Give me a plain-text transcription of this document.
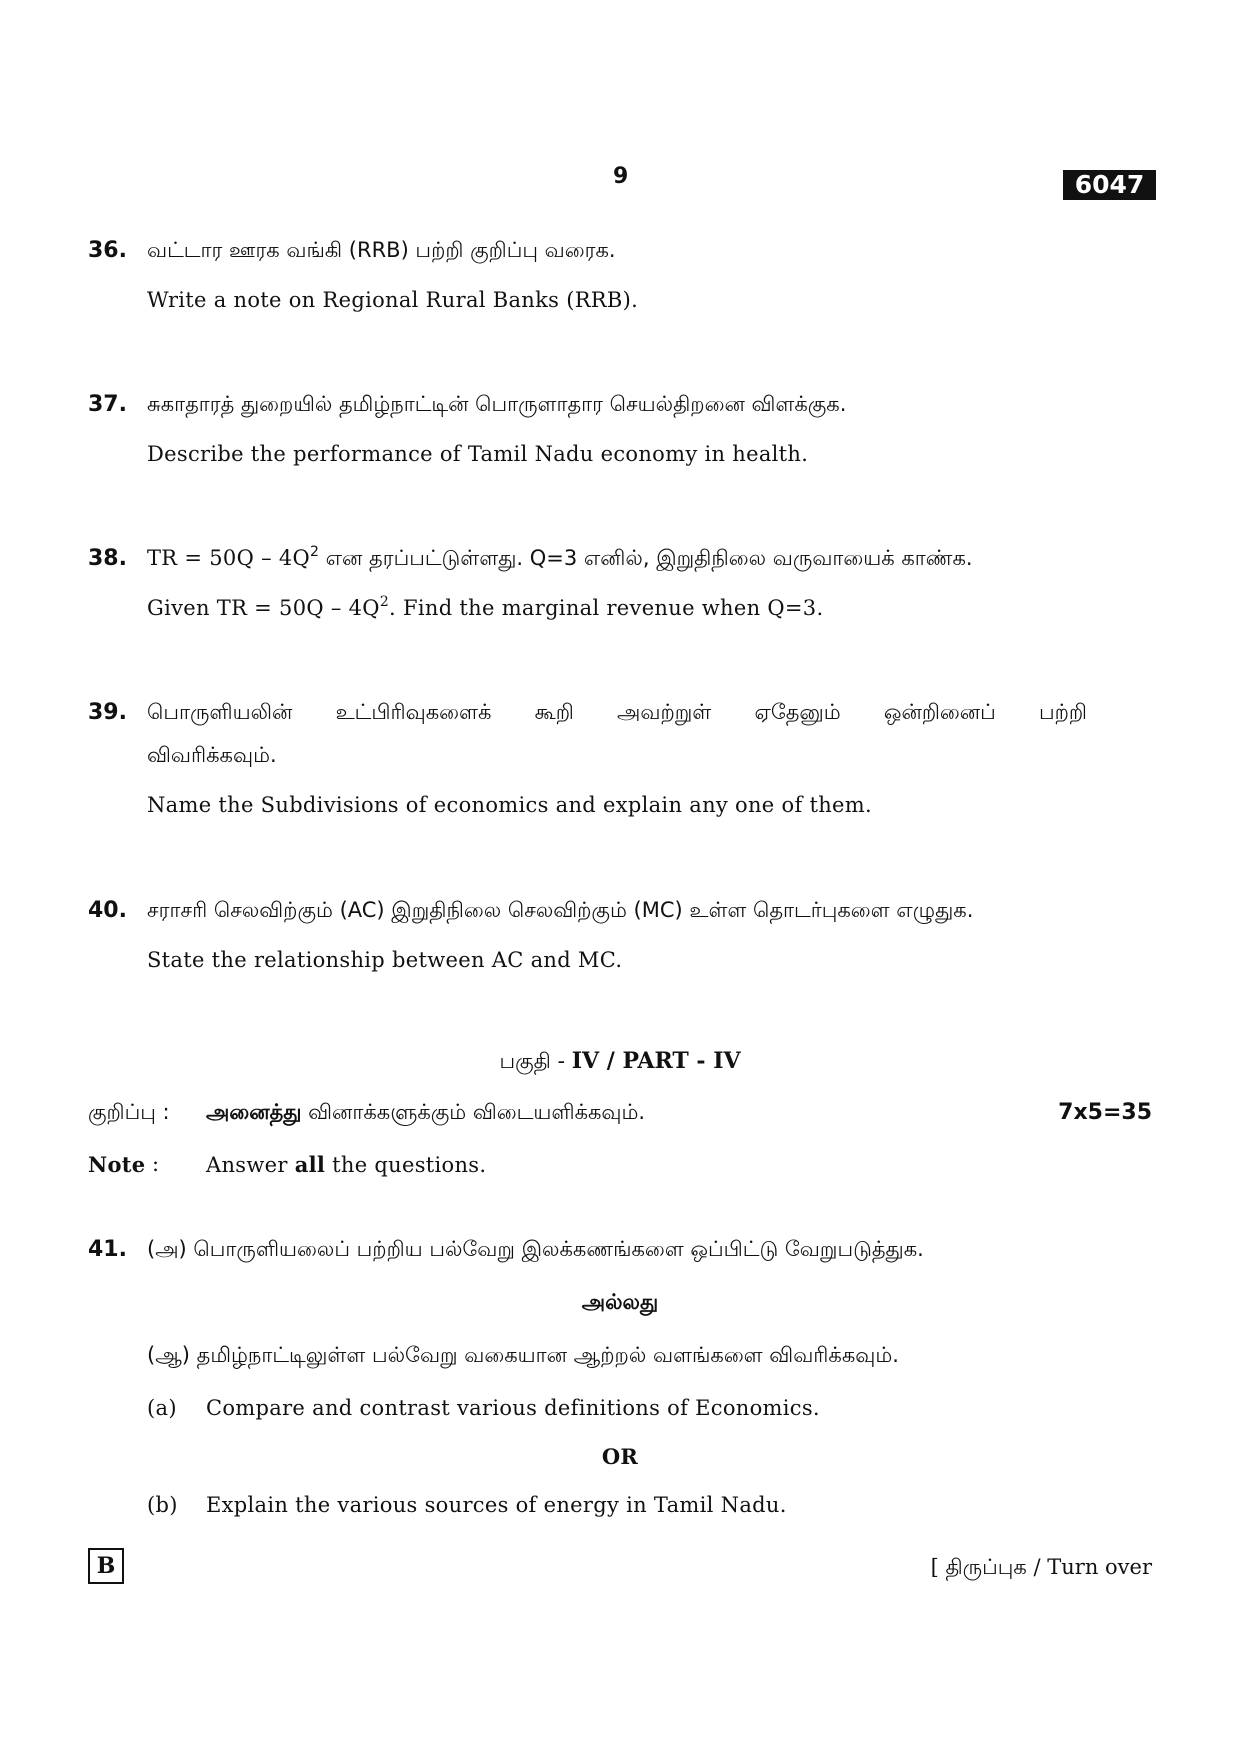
9	6047
36. வட்டார ஊரக வங்கி (RRB) பற்றி குறிப்பு வரைக.
Write a note on Regional Rural Banks (RRB).
37. சுகாதாரத் துறையில் தமிழ்நாட்டின் பொருளாதார செயல்திறனை விளக்குக.
Describe the performance of Tamil Nadu economy in health.
38. TR = $50Q - 4Q^2$ என தரப்பட்டுள்ளது. Q=3 எனில், இறுதிநிலை வருவாயைக் காண்க.
Given TR = $50Q - 4Q^2$. Find the marginal revenue when Q=3.
39. பொருளியலின் உட்பிரிவுகளைக் கூறி அவற்றுள் ஏதேனும் ஒன்றினைப் பற்றி
விவரிக்கவும்.
Name the Subdivisions of economics and explain any one of them.
40. சராசரி செலவிற்கும் (AC) இறுதிநிலை செலவிற்கும் (MC) உள்ள தொடர்புகளை எழுதுக.
State the relationship between AC and MC.
பகுதி - IV / PART - IV
குறிப்பு : அனைத்து வினாக்களுக்கும் விடையளிக்கவும்.	7x5=35
Note : Answer all the questions.
41. (அ) பொருளியலைப் பற்றிய பல்வேறு இலக்கணங்களை ஒப்பிட்டு வேறுபடுத்துக.
அல்லது
(ஆ) தமிழ்நாட்டிலுள்ள பல்வேறு வகையான ஆற்றல் வளங்களை விவரிக்கவும்.
(a) Compare and contrast various definitions of Economics.
OR
(b) Explain the various sources of energy in Tamil Nadu.
B	[ திருப்புக / Turn over
